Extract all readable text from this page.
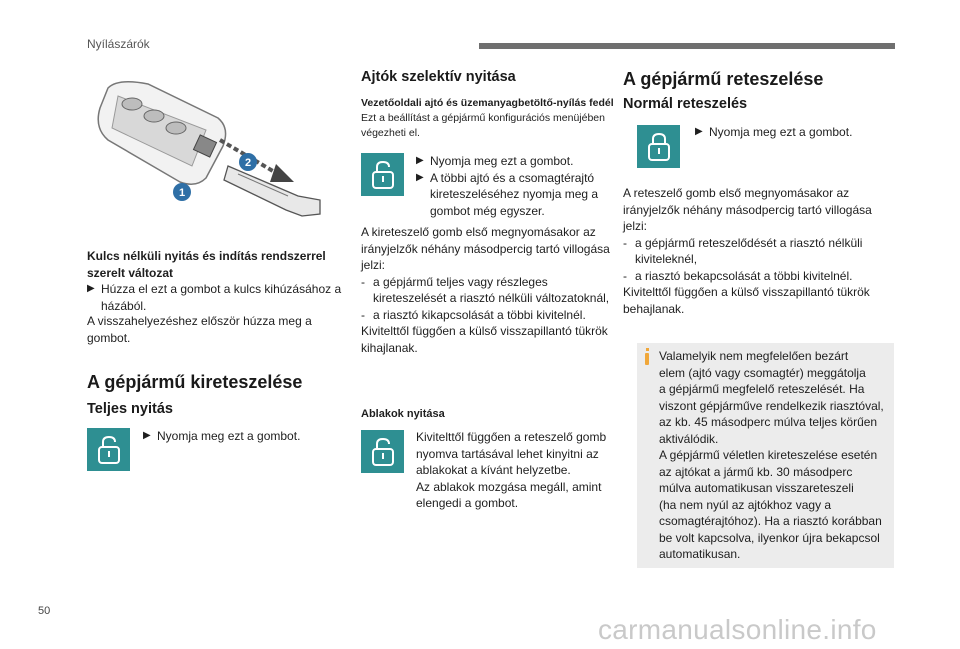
Nyílászárók
1
2
Kulcs nélküli nyitás és indítás rendszerrel szerelt változat
▶ Húzza el ezt a gombot a kulcs kihúzásához a házából.
A visszahelyezéshez először húzza meg a gombot.
A gépjármű kireteszelése
Teljes nyitás
▶ Nyomja meg ezt a gombot.
Ajtók szelektív nyitása
Vezetőoldali ajtó és üzemanyagbetöltő-nyílás fedél
Ezt a beállítást a gépjármű konfigurációs menüjében végezheti el.
▶ Nyomja meg ezt a gombot.
▶ A többi ajtó és a csomagtérajtó kireteszeléséhez nyomja meg a gombot még egyszer.
A kireteszelő gomb első megnyomásakor az irányjelzők néhány másodpercig tartó villogása jelzi:
- a gépjármű teljes vagy részleges kireteszelését a riasztó nélküli változatoknál,
- a riasztó kikapcsolását a többi kivitelnél.
Kivitelttől függően a külső visszapillantó tükrök kihajlanak.
Ablakok nyitása
Kivitelttől függően a reteszelő gomb nyomva tartásával lehet kinyitni az ablakokat a kívánt helyzetbe.
Az ablakok mozgása megáll, amint elengedi a gombot.
A gépjármű reteszelése
Normál reteszelés
▶ Nyomja meg ezt a gombot.
A reteszelő gomb első megnyomásakor az irányjelzők néhány másodpercig tartó villogása jelzi:
- a gépjármű reteszelődését a riasztó nélküli kiviteleknél,
- a riasztó bekapcsolását a többi kivitelnél.
Kivitelttől függően a külső visszapillantó tükrök behajlanak.
Valamelyik nem megfelelően bezárt
elem (ajtó vagy csomagtér) meggátolja
a gépjármű megfelelő reteszelését. Ha
viszont gépjárműve rendelkezik riasztóval,
az kb. 45 másodperc múlva teljes körűen
aktiválódik.
A gépjármű véletlen kireteszelése esetén
az ajtókat a jármű kb. 30 másodperc
múlva automatikusan visszareteszeli
(ha nem nyúl az ajtókhoz vagy a
csomagtérajtóhoz). Ha a riasztó korábban
be volt kapcsolva, ilyenkor újra bekapcsol
automatikusan.
50
carmanualsonline.info
